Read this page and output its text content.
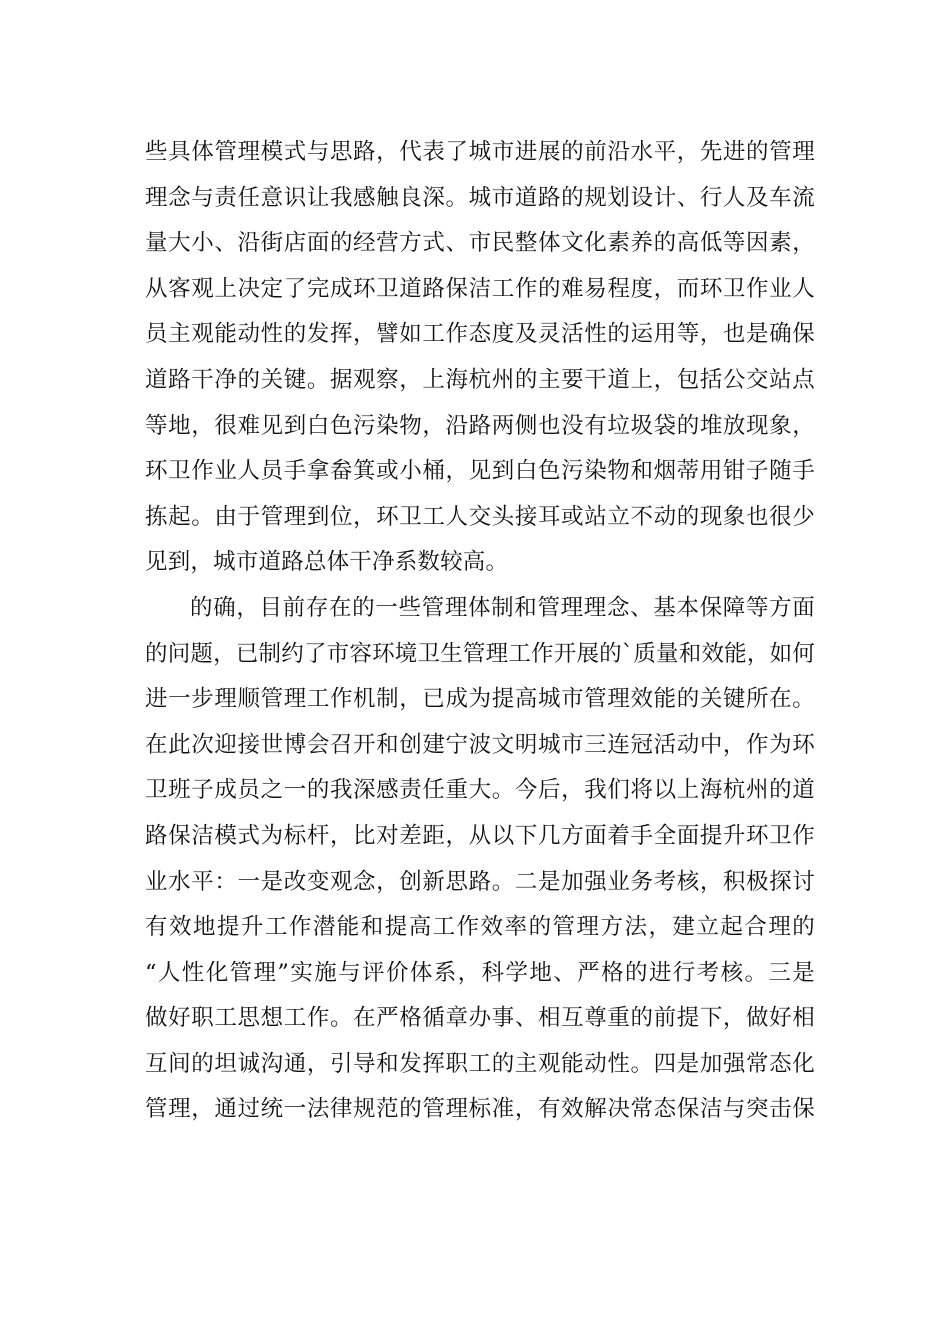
些具体管理模式与思路，代表了城市进展的前沿水平，先进的管理
理念与责任意识让我感触良深。城市道路的规划设计、行人及车流
量大小、沿街店面的经营方式、市民整体文化素养的高低等因素，
从客观上决定了完成环卫道路保洁工作的难易程度，而环卫作业人
员主观能动性的发挥，譬如工作态度及灵活性的运用等，也是确保
道路干净的关键。据观察，上海杭州的主要干道上，包括公交站点
等地，很难见到白色污染物，沿路两侧也没有垃圾袋的堆放现象，
环卫作业人员手拿畚箕或小桶，见到白色污染物和烟蒂用钳子随手
拣起。由于管理到位，环卫工人交头接耳或站立不动的现象也很少
见到，城市道路总体干净系数较高。
的确，目前存在的一些管理体制和管理理念、基本保障等方面
的问题，已制约了市容环境卫生管理工作开展的`质量和效能，如何
进一步理顺管理工作机制，已成为提高城市管理效能的关键所在。
在此次迎接世博会召开和创建宁波文明城市三连冠活动中，作为环
卫班子成员之一的我深感责任重大。今后，我们将以上海杭州的道
路保洁模式为标杆，比对差距，从以下几方面着手全面提升环卫作
业水平：一是改变观念，创新思路。二是加强业务考核，积极探讨
有效地提升工作潜能和提高工作效率的管理方法，建立起合理的
“人性化管理”实施与评价体系，科学地、严格的进行考核。三是
做好职工思想工作。在严格循章办事、相互尊重的前提下，做好相
互间的坦诚沟通，引导和发挥职工的主观能动性。四是加强常态化
管理，通过统一法律规范的管理标准，有效解决常态保洁与突击保
